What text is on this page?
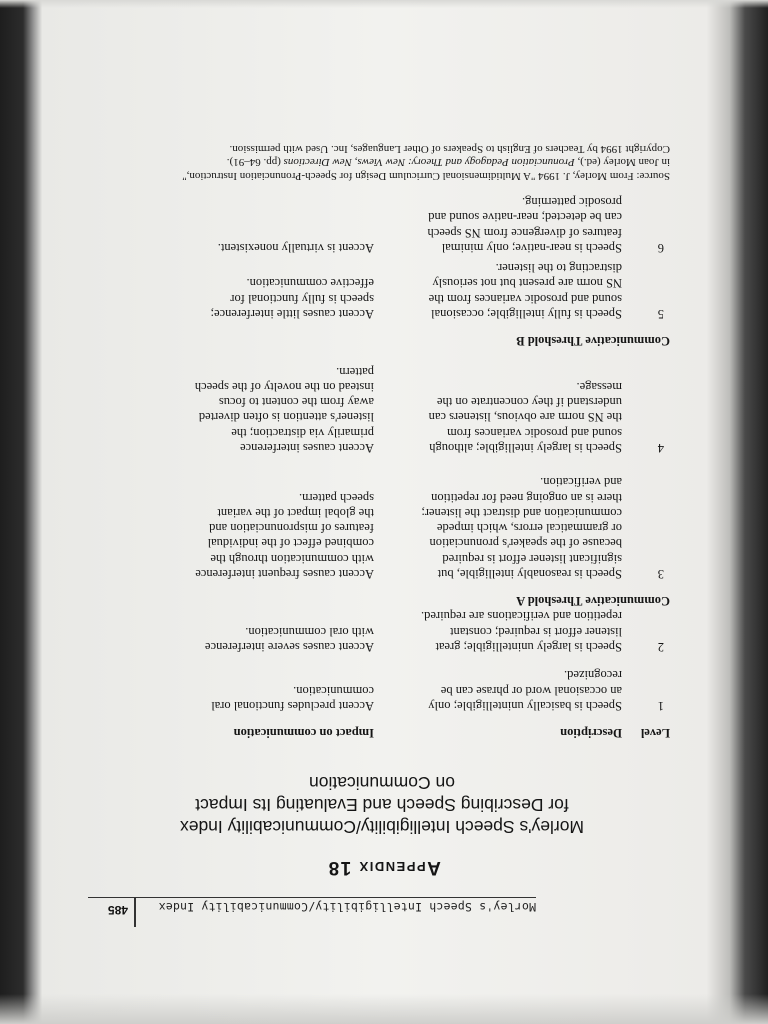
Morley's Speech Intelligibility/Communicability Index
485
Appendix 18
Morley's Speech Intelligibility/Communicability Index
for Describing Speech and Evaluating Its Impact
on Communication
Level
Description
Impact on communication
1
Speech is basically unintelligible; only
an occasional word or phrase can be
recognized.
Accent precludes functional oral
communication.
2
Speech is largely unintelligible; great
listener effort is required; constant
repetition and verifications are required.
Accent causes severe interference
with oral communication.
Communicative Threshold A
3
Speech is reasonably intelligible, but
significant listener effort is required
because of the speaker's pronunciation
or grammatical errors, which impede
communication and distract the listener;
there is an ongoing need for repetition
and verification.
Accent causes frequent interference
with communication through the
combined effect of the individual
features of mispronunciation and
the global impact of the variant
speech pattern.
4
Speech is largely intelligible; although
sound and prosodic variances from
the NS norm are obvious, listeners can
understand if they concentrate on the
message.
Accent causes interference
primarily via distraction; the
listener's attention is often diverted
away from the content to focus
instead on the novelty of the speech
pattern.
Communicative Threshold B
5
Speech is fully intelligible; occasional
sound and prosodic variances from the
NS norm are present but not seriously
distracting to the listener.
Accent causes little interference;
speech is fully functional for
effective communication.
6
Speech is near-native; only minimal
features of divergence from NS speech
can be detected; near-native sound and
prosodic patterning.
Accent is virtually nonexistent.
Source: From Morley, J. 1994 "A Multidimensional Curriculum Design for Speech-Pronunciation Instruction,"
in Joan Morley (ed.), Pronunciation Pedagogy and Theory: New Views, New Directions (pp. 64–91).
Copyright 1994 by Teachers of English to Speakers of Other Languages, Inc. Used with permission.
